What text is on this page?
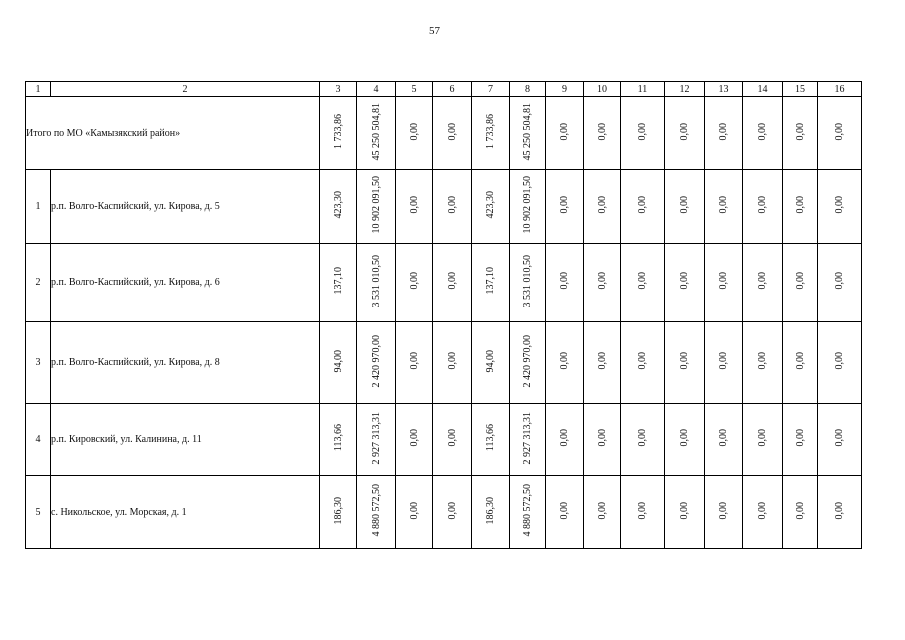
57
1	2	3	4	5	6	7	8	9	10	11	12	13	14	15	16
Итого по МО «Камызякский район»		1 733,86	45 250 504,81	0,00	0,00	1 733,86	45 250 504,81	0,00	0,00	0,00	0,00	0,00	0,00	0,00	0,00
1	р.п. Волго-Каспийский, ул. Кирова, д. 5	423,30	10 902 091,50	0,00	0,00	423,30	10 902 091,50	0,00	0,00	0,00	0,00	0,00	0,00	0,00	0,00
2	р.п. Волго-Каспийский, ул. Кирова, д. 6	137,10	3 531 010,50	0,00	0,00	137,10	3 531 010,50	0,00	0,00	0,00	0,00	0,00	0,00	0,00	0,00
3	р.п. Волго-Каспийский, ул. Кирова, д. 8	94,00	2 420 970,00	0,00	0,00	94,00	2 420 970,00	0,00	0,00	0,00	0,00	0,00	0,00	0,00	0,00
4	р.п. Кировский, ул. Калинина, д. 11	113,66	2 927 313,31	0,00	0,00	113,66	2 927 313,31	0,00	0,00	0,00	0,00	0,00	0,00	0,00	0,00
5	с. Никольское, ул. Морская, д. 1	186,30	4 880 572,50	0,00	0,00	186,30	4 880 572,50	0,00	0,00	0,00	0,00	0,00	0,00	0,00	0,00
